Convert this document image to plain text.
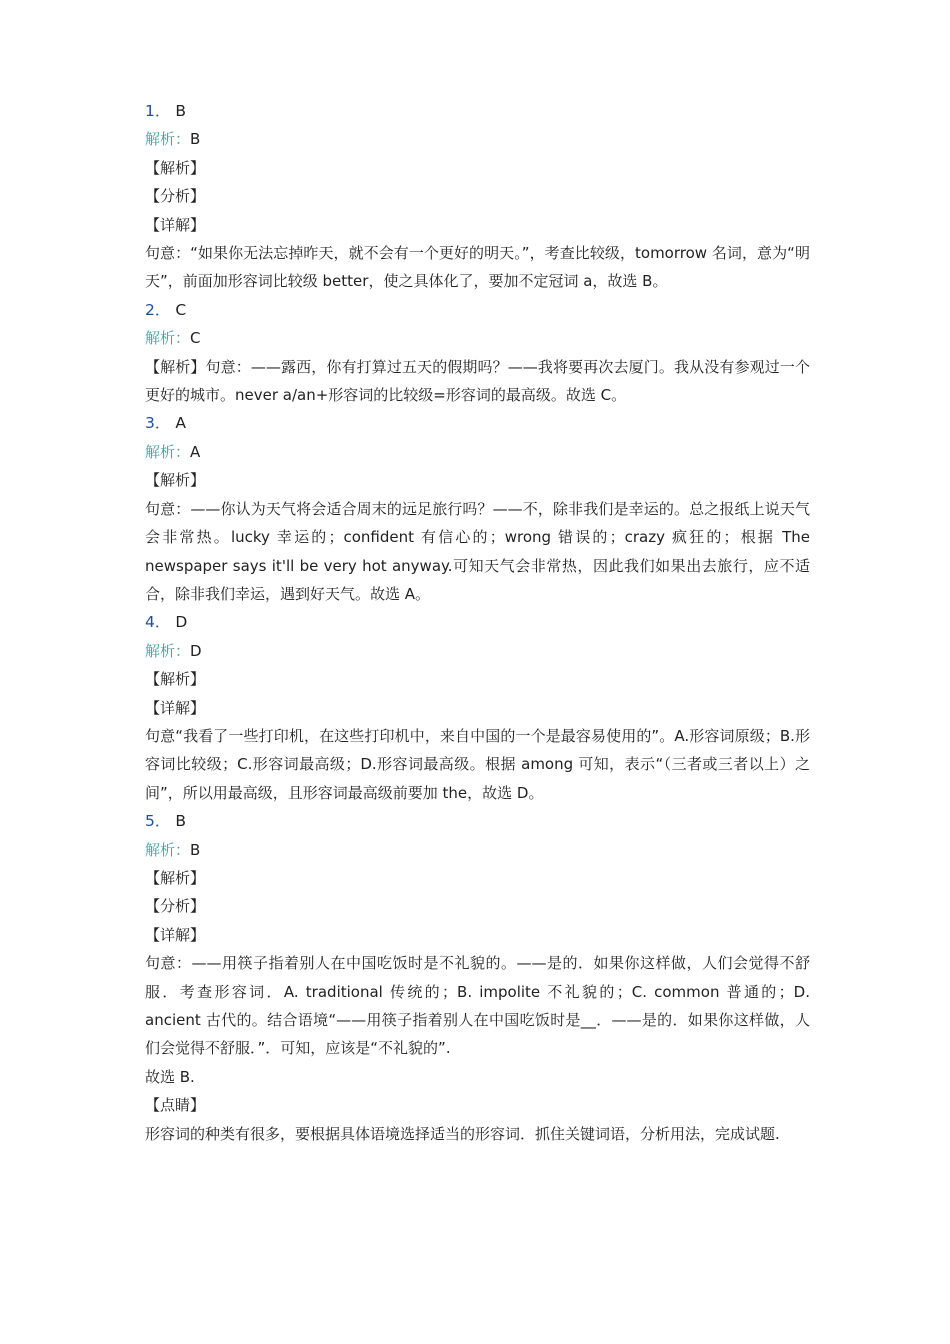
1． B
解析：B
【解析】
【分析】
【详解】
句意：“如果你无法忘掉昨天，就不会有一个更好的明天。”，考查比较级，tomorrow 名词，意为“明天”，前面加形容词比较级 better，使之具体化了，要加不定冠词 a，故选 B。
2． C
解析：C
【解析】句意：——露西，你有打算过五天的假期吗？——我将要再次去厦门。我从没有参观过一个更好的城市。never a/an+形容词的比较级=形容词的最高级。故选 C。
3． A
解析：A
【解析】
句意：——你认为天气将会适合周末的远足旅行吗？——不，除非我们是幸运的。总之报纸上说天气会非常热。lucky 幸运的；confident 有信心的；wrong 错误的；crazy 疯狂的；根据 The newspaper says it'll be very hot anyway.可知天气会非常热，因此我们如果出去旅行，应不适合，除非我们幸运，遇到好天气。故选 A。
4． D
解析：D
【解析】
【详解】
句意“我看了一些打印机，在这些打印机中，来自中国的一个是最容易使用的”。A.形容词原级；B.形容词比较级；C.形容词最高级；D.形容词最高级。根据 among 可知，表示“（三者或三者以上）之间”，所以用最高级，且形容词最高级前要加 the，故选 D。
5． B
解析：B
【解析】
【分析】
【详解】
句意：——用筷子指着别人在中国吃饭时是不礼貌的。——是的．如果你这样做，人们会觉得不舒服．考查形容词．A. traditional 传统的；B. impolite 不礼貌的；C. common 普通的；D. ancient 古代的。结合语境“——用筷子指着别人在中国吃饭时是__．——是的．如果你这样做，人们会觉得不舒服．”．可知，应该是“不礼貌的”.
故选 B.
【点睛】
形容词的种类有很多，要根据具体语境选择适当的形容词．抓住关键词语，分析用法，完成试题.
